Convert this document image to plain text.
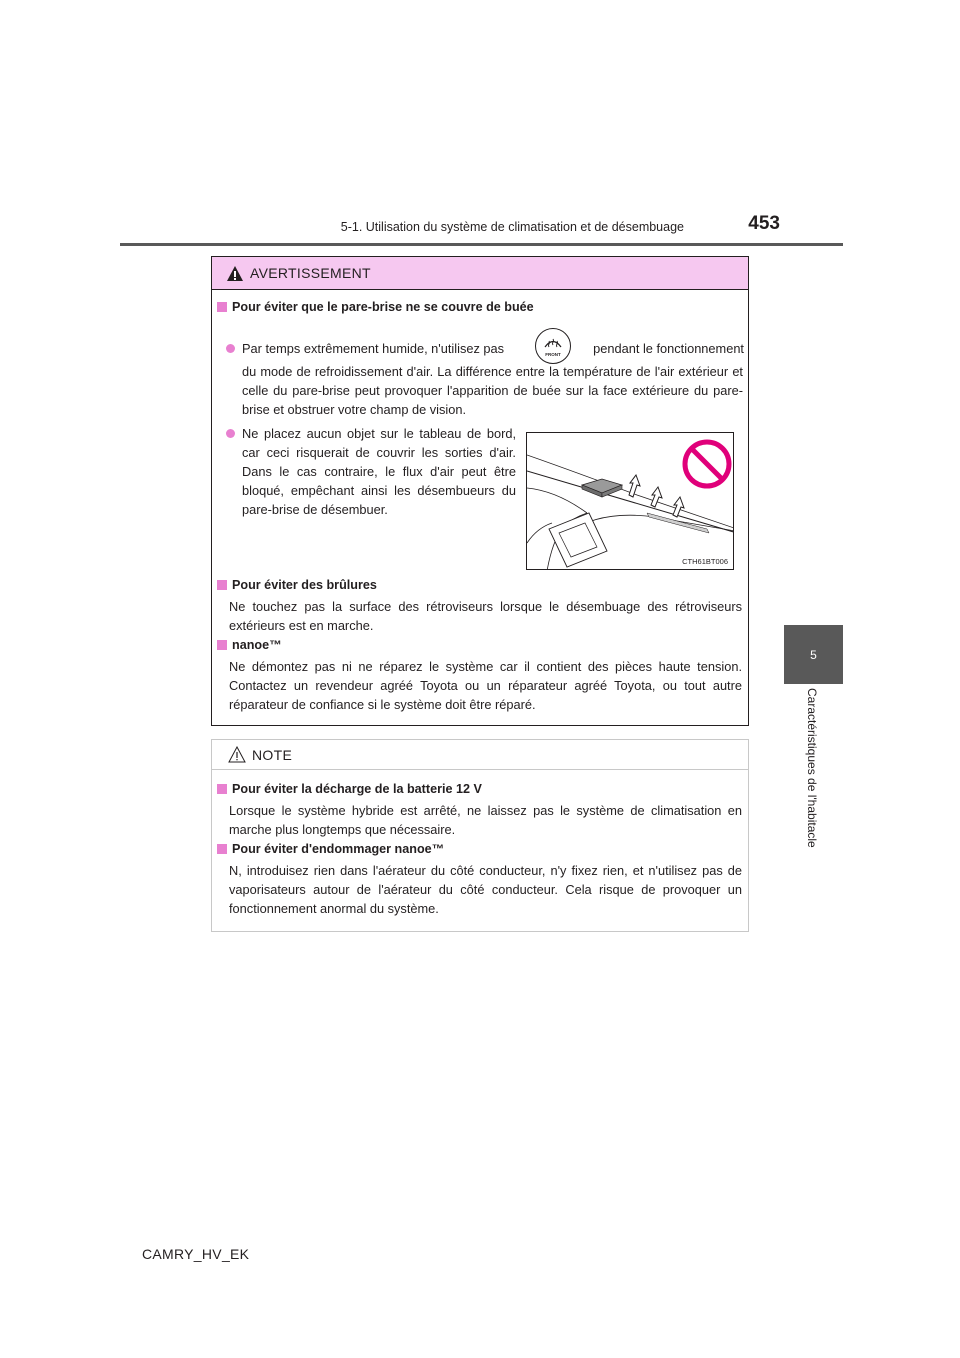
5-1. Utilisation du système de climatisation et de désembuage	453
5
Caractéristiques de l'habitacle
AVERTISSEMENT
Pour éviter que le pare-brise ne se couvre de buée
Par temps extrêmement humide, n'utilisez pas	pendant le fonctionnement
FRONT
du mode de refroidissement d'air. La différence entre la température de l'air extérieur et celle du pare-brise peut provoquer l'apparition de buée sur la face extérieure du pare-brise et obstruer votre champ de vision.
Ne placez aucun objet sur le tableau de bord, car ceci risquerait de couvrir les sorties d'air. Dans le cas contraire, le flux d'air peut être bloqué, empêchant ainsi les désembueurs du pare-brise de désembuer.
CTH61BT006
Pour éviter des brûlures
Ne touchez pas la surface des rétroviseurs lorsque le désembuage des rétroviseurs extérieurs est en marche.
nanoe™
Ne démontez pas ni ne réparez le système car il contient des pièces haute tension. Contactez un revendeur agréé Toyota ou un réparateur agréé Toyota, ou tout autre réparateur de confiance si le système doit être réparé.
NOTE
Pour éviter la décharge de la batterie 12 V
Lorsque le système hybride est arrêté, ne laissez pas le système de climatisation en marche plus longtemps que nécessaire.
Pour éviter d'endommager nanoe™
N, introduisez rien dans l'aérateur du côté conducteur, n'y fixez rien, et n'utilisez pas de vaporisateurs autour de l'aérateur du côté conducteur. Cela risque de provoquer un fonctionnement anormal du système.
CAMRY_HV_EK
